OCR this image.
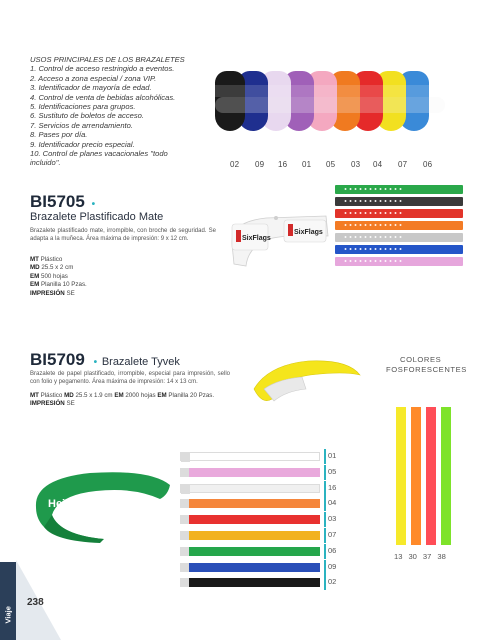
USOS PRINCIPALES DE LOS BRAZALETES
1. Control de acceso restringido a eventos.
2. Acceso a zona especial / zona VIP.
3. Identificador de mayoría de edad.
4. Control de venta de bebidas alcohólicas.
5. Identificaciones para grupos.
6. Sustituto de boletos de acceso.
7. Servicios de arrendamiento.
8. Pases por día.
9. Identificador precio especial.
10. Control de planes vacacionales "todo
incluido".	02 09 16 01 05 03 04 07 06
BI5705 •
Brazalete Plastificado Mate
Brazalete plastificado mate, irrompible, con broche de seguridad. Se adapta a la muñeca. Área máxima de impresión: 9 x 12 cm.
MT Plástico
MD 25.5 x 2 cm
EM 500 hojas
EM Planilla 10 Pzas.
IMPRESIÓN SE
SixFlags
SixFlags
BI5709 • Brazalete Tyvek
Brazalete de papel plastificado, irrompible, especial para impresión, sello con folio y pegamento. Área máxima de impresión: 14 x 13 cm.
MT Plástico MD 25.5 x 1.9 cm EM 2000 hojas EM Planilla 20 Pzas.
IMPRESIÓN SE
Heineken	Heineken
01
05
16
04
03
07
06
09
02
COLORES
FOSFORESCENTES
13 30 37 38
Viaje
238
